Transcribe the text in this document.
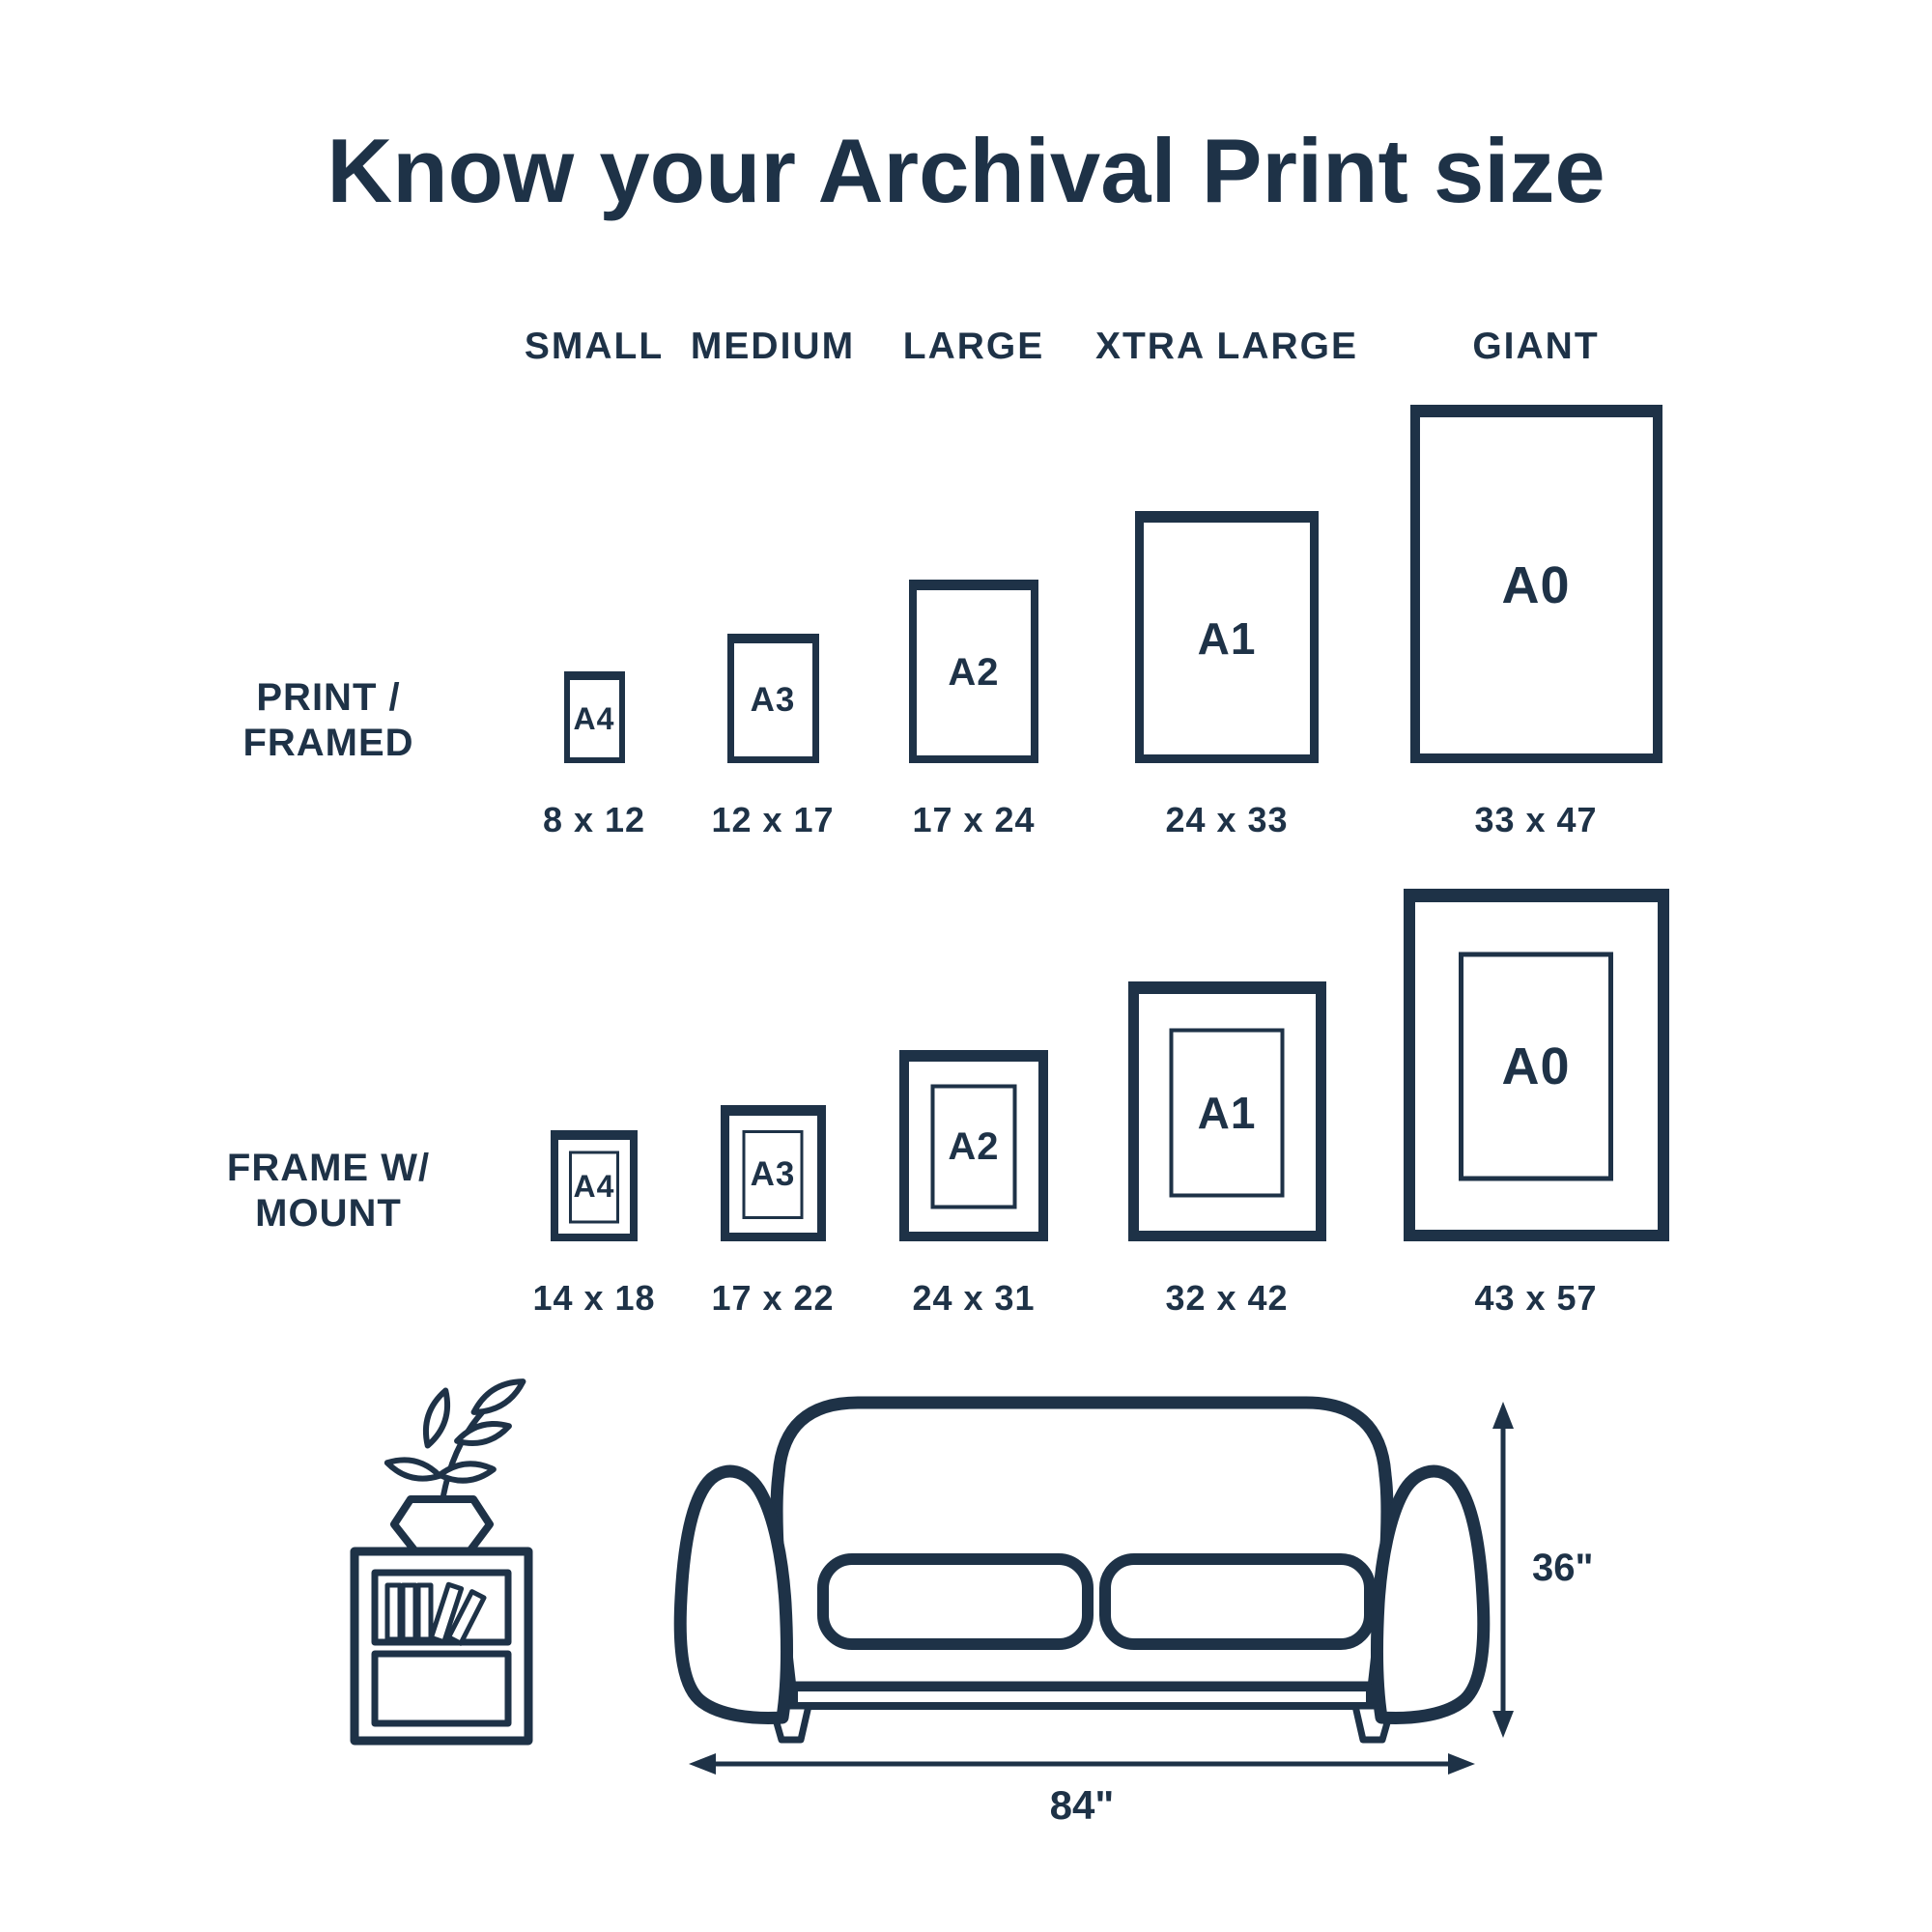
Know your Archival Print size
SMALL MEDIUM LARGE XTRA LARGE	GIANT
PRINT /
FRAMED
FRAME W/
MOUNT
A4
8 x 12
A3
12 x 17
A2
17 x 24
A1
24 x 33
A0
33 x 47
A4
14 x 18
A3
17 x 22
A2
24 x 31
A1
32 x 42
A0
43 x 57
36"
84"
